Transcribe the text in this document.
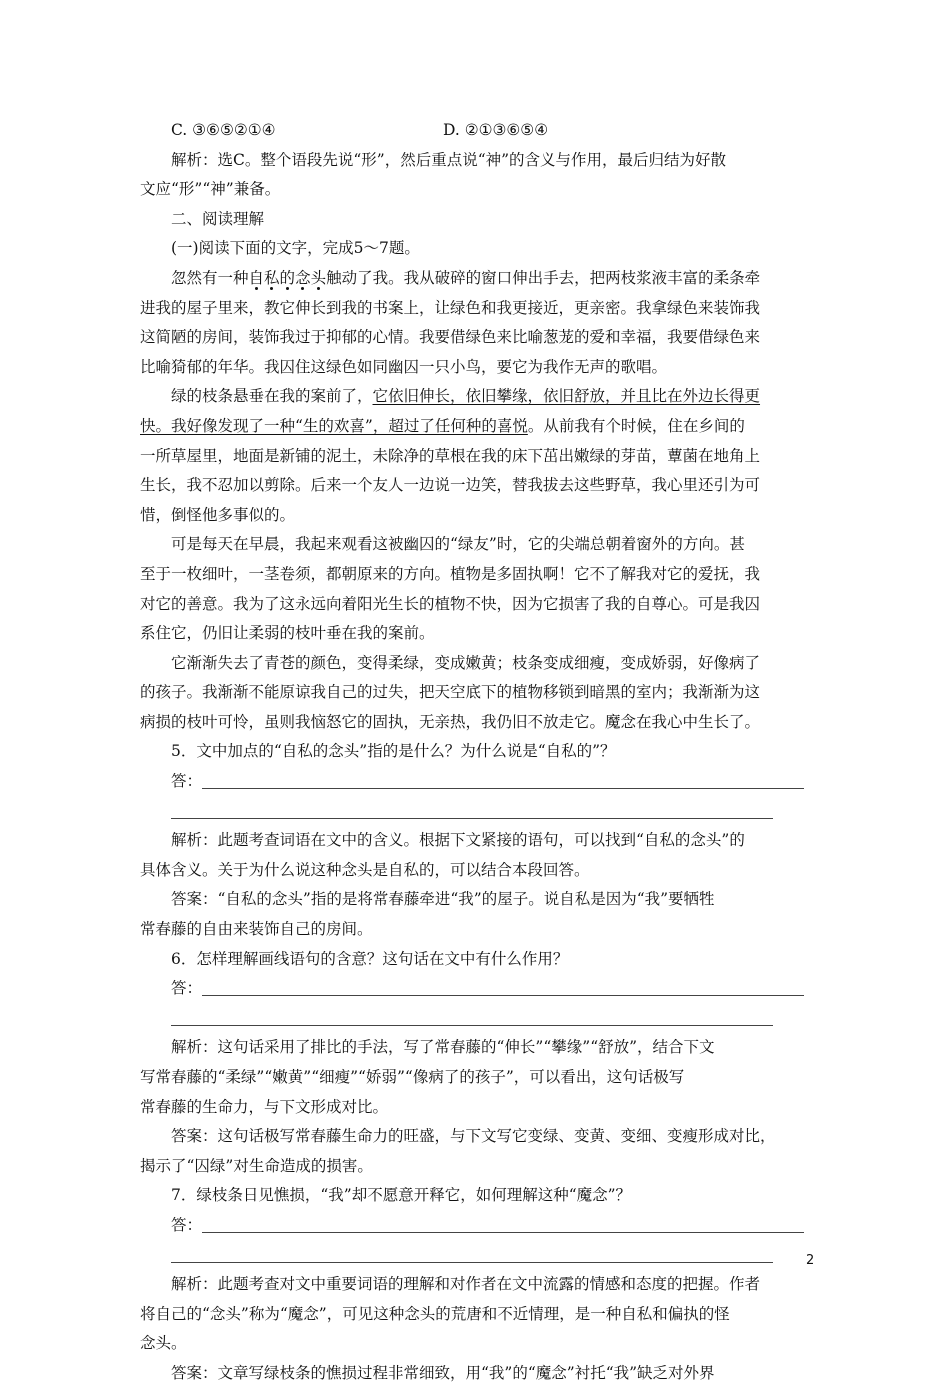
C. ③⑥⑤②①④	D. ②①③⑥⑤④
解析：选C。整个语段先说“形”，然后重点说“神”的含义与作用，最后归结为好散
文应“形”“神”兼备。
二、阅读理解
(一)阅读下面的文字，完成5～7题。
忽然有一种自私的念头触动了我。我从破碎的窗口伸出手去，把两枝浆液丰富的柔条牵
进我的屋子里来，教它伸长到我的书案上，让绿色和我更接近，更亲密。我拿绿色来装饰我
这简陋的房间，装饰我过于抑郁的心情。我要借绿色来比喻葱茏的爱和幸福，我要借绿色来
比喻猗郁的年华。我囚住这绿色如同幽囚一只小鸟，要它为我作无声的歌唱。
绿的枝条悬垂在我的案前了，它依旧伸长，依旧攀缘，依旧舒放，并且比在外边长得更
快。我好像发现了一种“生的欢喜”，超过了任何种的喜悦。从前我有个时候，住在乡间的
一所草屋里，地面是新铺的泥土，未除净的草根在我的床下茁出嫩绿的芽苗，蕈菌在地角上
生长，我不忍加以剪除。后来一个友人一边说一边笑，替我拔去这些野草，我心里还引为可
惜，倒怪他多事似的。
可是每天在早晨，我起来观看这被幽囚的“绿友”时，它的尖端总朝着窗外的方向。甚
至于一枚细叶，一茎卷须，都朝原来的方向。植物是多固执啊！它不了解我对它的爱抚，我
对它的善意。我为了这永远向着阳光生长的植物不快，因为它损害了我的自尊心。可是我囚
系住它，仍旧让柔弱的枝叶垂在我的案前。
它渐渐失去了青苍的颜色，变得柔绿，变成嫩黄；枝条变成细瘦，变成娇弱，好像病了
的孩子。我渐渐不能原谅我自己的过失，把天空底下的植物移锁到暗黑的室内；我渐渐为这
病损的枝叶可怜，虽则我恼怒它的固执，无亲热，我仍旧不放走它。魔念在我心中生长了。
5．文中加点的“自私的念头”指的是什么？为什么说是“自私的”？
答：
解析：此题考查词语在文中的含义。根据下文紧接的语句，可以找到“自私的念头”的
具体含义。关于为什么说这种念头是自私的，可以结合本段回答。
答案：“自私的念头”指的是将常春藤牵进“我”的屋子。说自私是因为“我”要牺牲
常春藤的自由来装饰自己的房间。
6．怎样理解画线语句的含意？这句话在文中有什么作用？
答：
解析：这句话采用了排比的手法，写了常春藤的“伸长”“攀缘”“舒放”，结合下文
写常春藤的“柔绿”“嫩黄”“细瘦”“娇弱”“像病了的孩子”，可以看出，这句话极写
常春藤的生命力，与下文形成对比。
答案：这句话极写常春藤生命力的旺盛，与下文写它变绿、变黄、变细、变瘦形成对比，
揭示了“囚绿”对生命造成的损害。
7．绿枝条日见憔损，“我”却不愿意开释它，如何理解这种“魔念”？
答：
解析：此题考查对文中重要词语的理解和对作者在文中流露的情感和态度的把握。作者
将自己的“念头”称为“魔念”，可见这种念头的荒唐和不近情理，是一种自私和偏执的怪
念头。
答案：文章写绿枝条的憔损过程非常细致，用“我”的“魔念”衬托“我”缺乏对外界
2
